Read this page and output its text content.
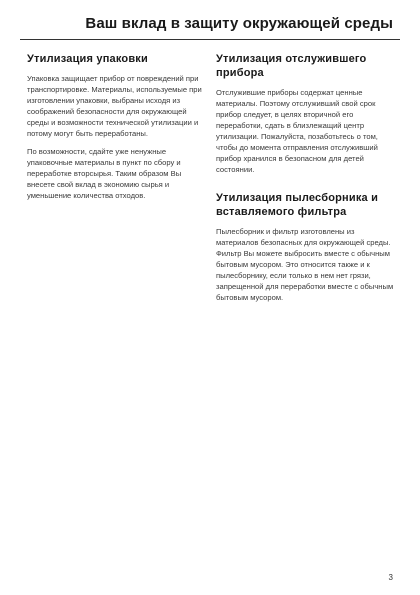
Ваш вклад в защиту окружающей среды
Утилизация упаковки

Упаковка защищает прибор от повреждений при транспортировке. Материалы, используемые при изготовлении упаковки, выбраны исходя из соображений безопасности для окружающей среды и возможности технической утилизации и потому могут быть переработаны.

По возможности, сдайте уже ненужные упаковочные материалы в пункт по сбору и переработке вторсырья. Таким образом Вы внесете свой вклад в экономию сырья и уменьшение количества отходов.

Утилизация отслужившего прибора

Отслужившие приборы содержат ценные материалы. Поэтому отслуживший свой срок прибор следует, в целях вторичной его переработки, сдать в близлежащий центр утилизации. Пожалуйста, позаботьтесь о том, чтобы до момента отправления отслуживший прибор хранился в безопасном для детей состоянии.

Утилизация пылесборника и вставляемого фильтра

Пылесборник и фильтр изготовлены из материалов безопасных для окружающей среды. Фильтр Вы можете выбросить вместе с обычным бытовым мусором. Это относится также и к пылесборнику, если только в нем нет грязи, запрещенной для переработки вместе с обычным бытовым мусором.

3
